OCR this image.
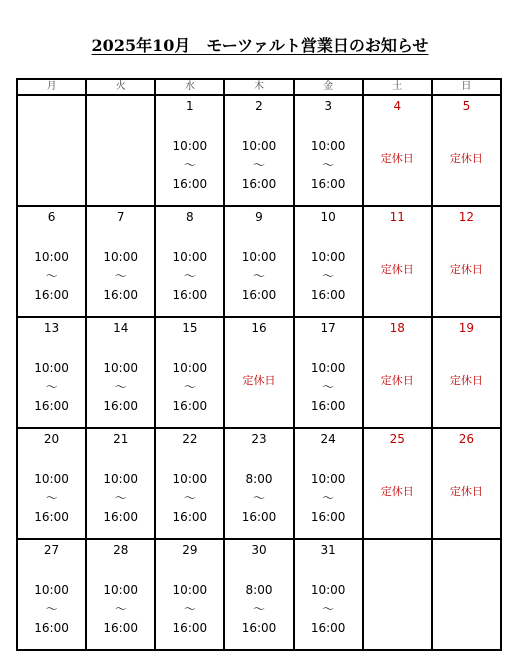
2025年10月　モーツァルト営業日のお知らせ
月	火	水	木	金	土	日

		1
10:00
～
16:00	2
10:00
～
16:00	3
10:00
～
16:00	4
定休日	5
定休日

6
10:00
～
16:00	7
10:00
～
16:00	8
10:00
～
16:00	9
10:00
～
16:00	10
10:00
～
16:00	11
定休日	12
定休日

13
10:00
～
16:00	14
10:00
～
16:00	15
10:00
～
16:00	16
定休日	17
10:00
～
16:00	18
定休日	19
定休日

20
10:00
～
16:00	21
10:00
～
16:00	22
10:00
～
16:00	23
8:00
～
16:00	24
10:00
～
16:00	25
定休日	26
定休日

27
10:00
～
16:00	28
10:00
～
16:00	29
10:00
～
16:00	30
8:00
～
16:00	31
10:00
～
16:00		
